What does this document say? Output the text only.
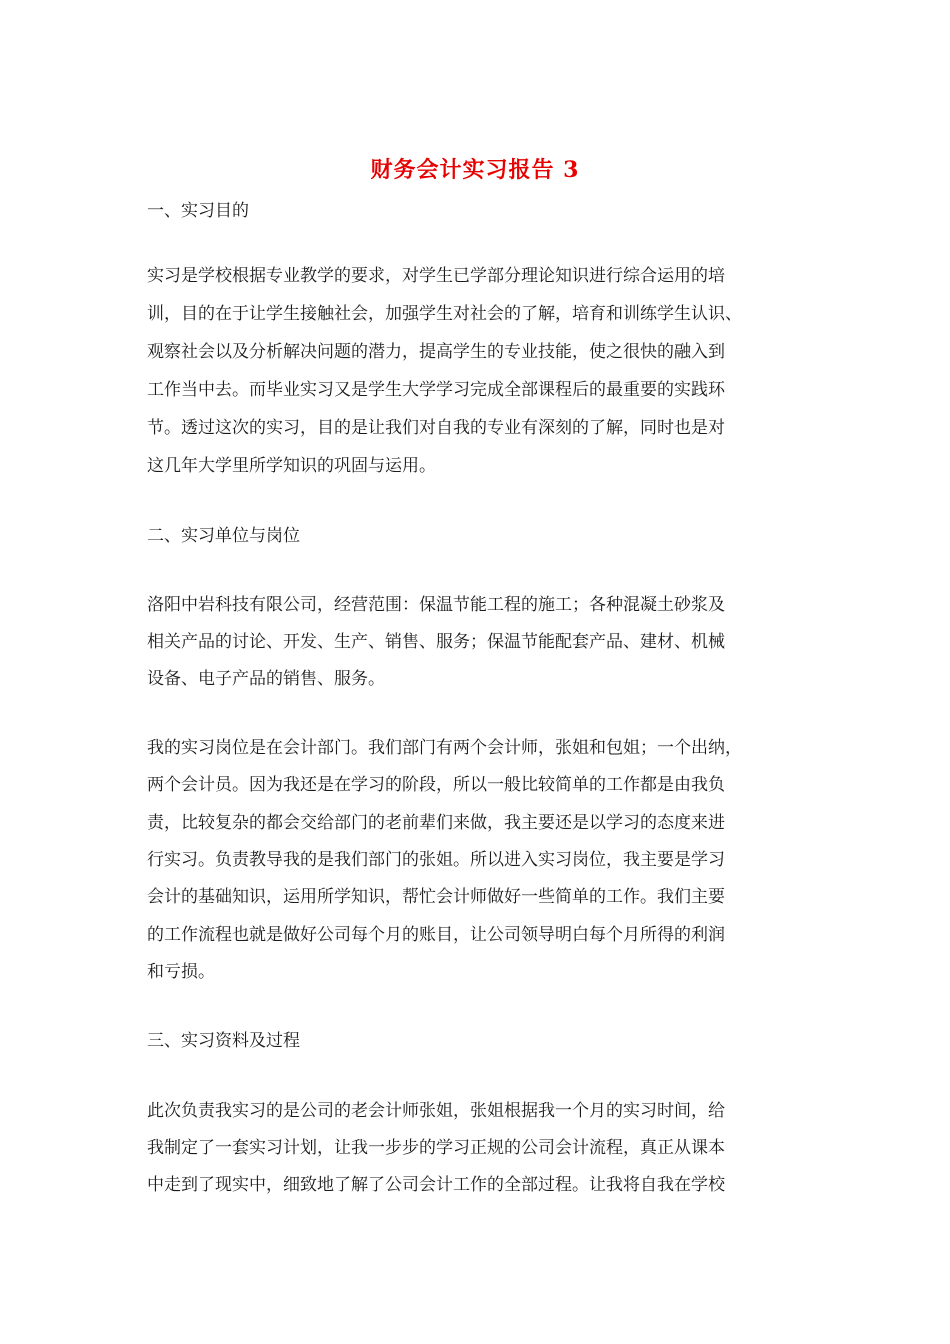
财务会计实习报告 3
一、实习目的
实习是学校根据专业教学的要求，对学生已学部分理论知识进行综合运用的培
训，目的在于让学生接触社会，加强学生对社会的了解，培育和训练学生认识、
观察社会以及分析解决问题的潜力，提高学生的专业技能，使之很快的融入到
工作当中去。而毕业实习又是学生大学学习完成全部课程后的最重要的实践环
节。透过这次的实习，目的是让我们对自我的专业有深刻的了解，同时也是对
这几年大学里所学知识的巩固与运用。
二、实习单位与岗位
洛阳中岩科技有限公司，经营范围：保温节能工程的施工；各种混凝土砂浆及
相关产品的讨论、开发、生产、销售、服务；保温节能配套产品、建材、机械
设备、电子产品的销售、服务。
我的实习岗位是在会计部门。我们部门有两个会计师，张姐和包姐；一个出纳，
两个会计员。因为我还是在学习的阶段，所以一般比较简单的工作都是由我负
责，比较复杂的都会交给部门的老前辈们来做，我主要还是以学习的态度来进
行实习。负责教导我的是我们部门的张姐。所以进入实习岗位，我主要是学习
会计的基础知识，运用所学知识，帮忙会计师做好一些简单的工作。我们主要
的工作流程也就是做好公司每个月的账目，让公司领导明白每个月所得的利润
和亏损。
三、实习资料及过程
此次负责我实习的是公司的老会计师张姐，张姐根据我一个月的实习时间，给
我制定了一套实习计划，让我一步步的学习正规的公司会计流程，真正从课本
中走到了现实中，细致地了解了公司会计工作的全部过程。让我将自我在学校
